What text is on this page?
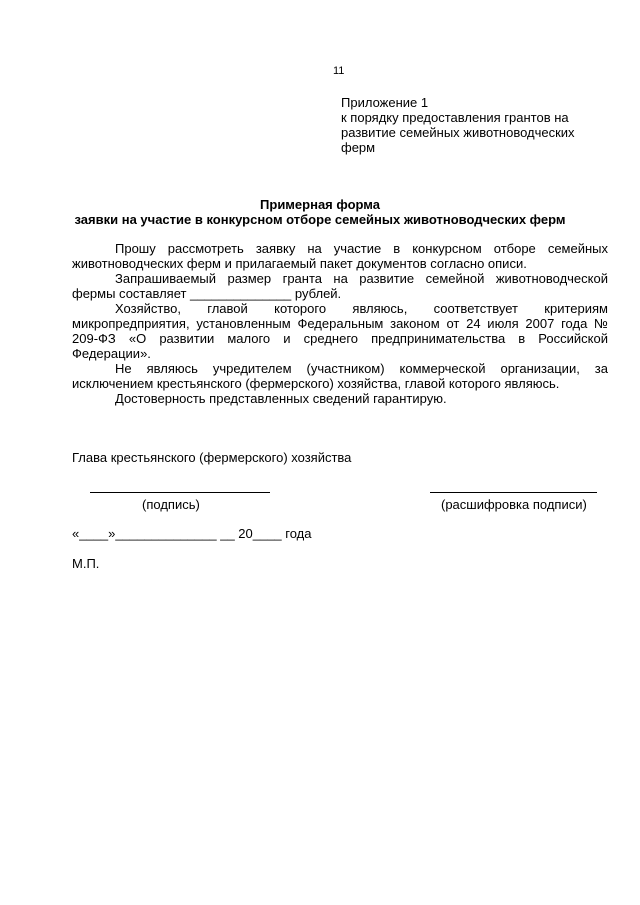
11
Приложение 1
к порядку предоставления грантов на
развитие семейных животноводческих
ферм
Примерная форма
заявки на участие в конкурсном отборе семейных животноводческих ферм

Прошу рассмотреть заявку на участие в конкурсном отборе семейных животноводческих ферм и прилагаемый пакет документов согласно описи.

Запрашиваемый размер гранта на развитие семейной животноводческой фермы составляет ______________ рублей.

Хозяйство, главой которого являюсь, соответствует критериям микропредприятия, установленным Федеральным законом от 24 июля 2007 года № 209-ФЗ «О развитии малого и среднего предпринимательства в Российской Федерации».

Не являюсь учредителем (участником) коммерческой организации, за исключением крестьянского (фермерского) хозяйства, главой которого являюсь.

Достоверность представленных сведений гарантирую.

Глава крестьянского (фермерского) хозяйства
(подпись)	(расшифровка подписи)
«____»______________ __ 20____ года
М.П.
